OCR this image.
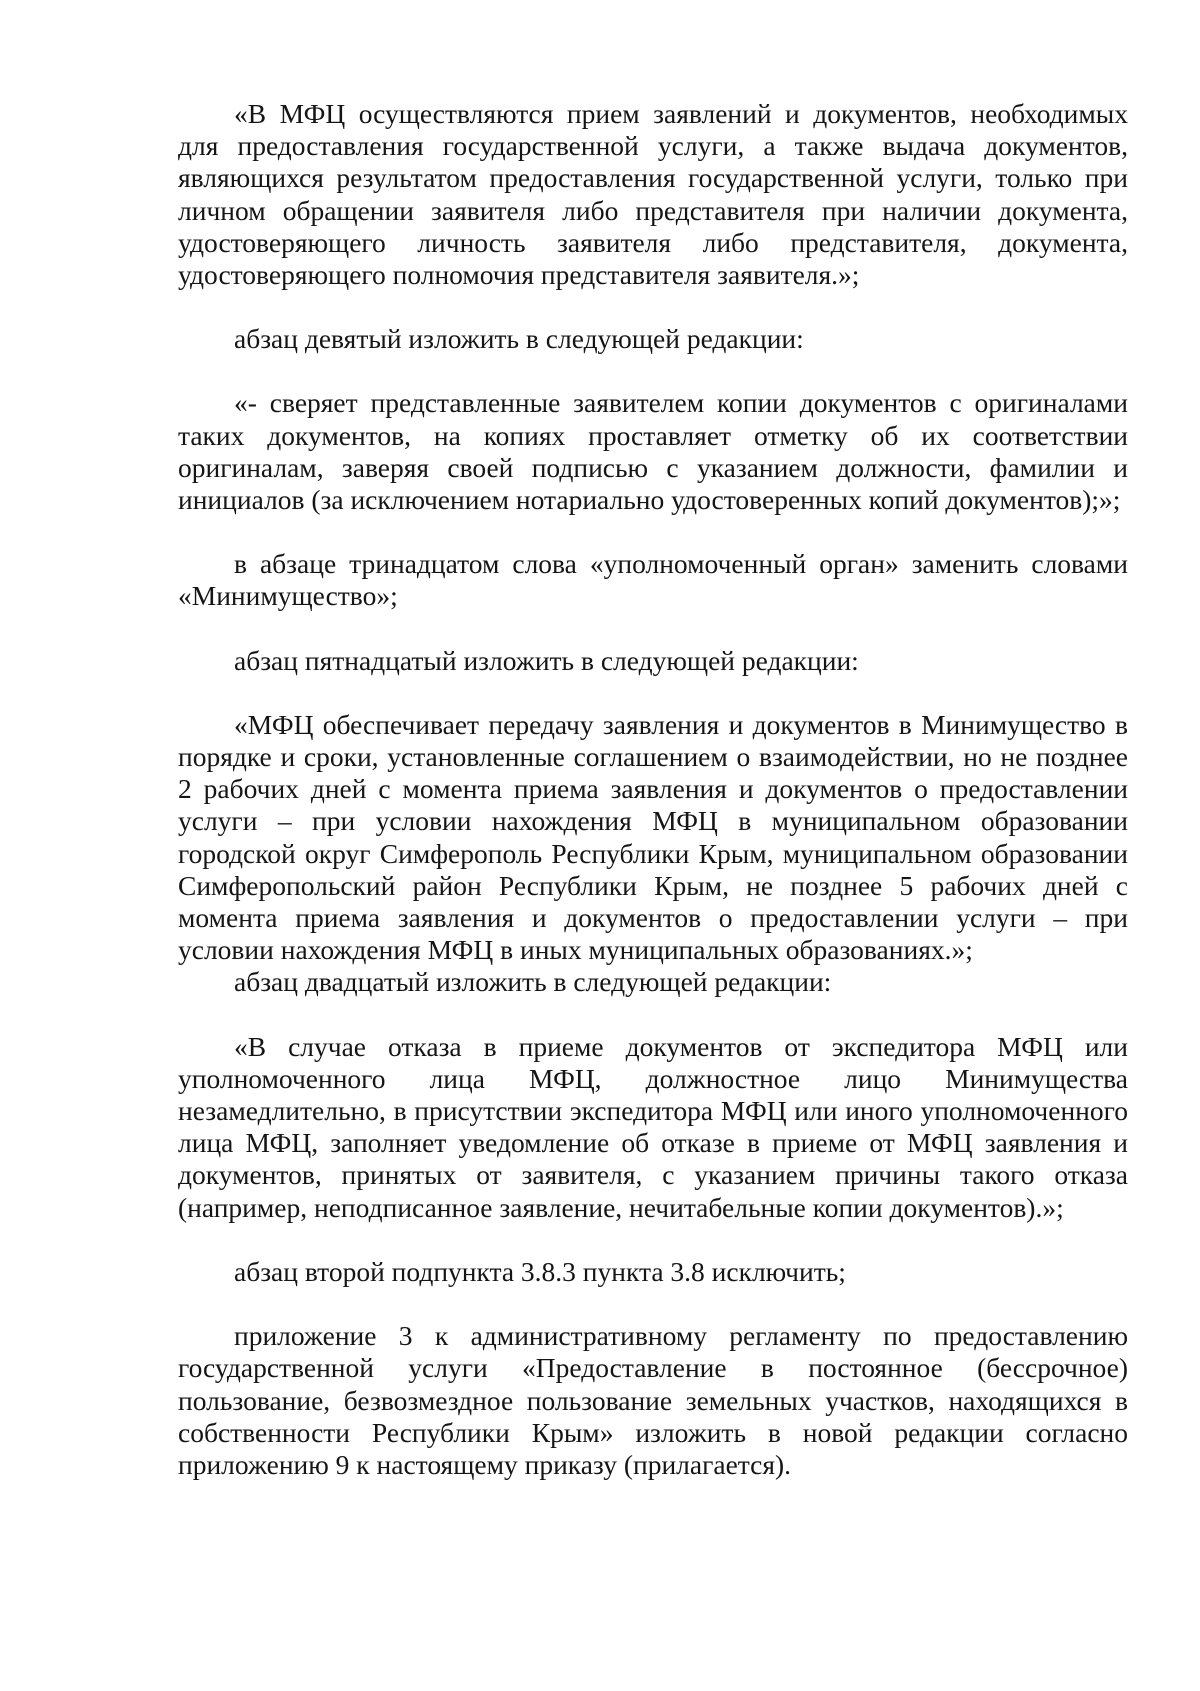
«В МФЦ осуществляются прием заявлений и документов, необходимых для предоставления государственной услуги, а также выдача документов, являющихся результатом предоставления государственной услуги, только при личном обращении заявителя либо представителя при наличии документа, удостоверяющего личность заявителя либо представителя, документа, удостоверяющего полномочия представителя заявителя.»;

абзац девятый изложить в следующей редакции:

«- сверяет представленные заявителем копии документов с оригиналами таких документов, на копиях проставляет отметку об их соответствии оригиналам, заверяя своей подписью с указанием должности, фамилии и инициалов (за исключением нотариально удостоверенных копий документов);»;

в абзаце тринадцатом слова «уполномоченный орган» заменить словами «Минимущество»;

абзац пятнадцатый изложить в следующей редакции:

«МФЦ обеспечивает передачу заявления и документов в Минимущество в порядке и сроки, установленные соглашением о взаимодействии, но не позднее 2 рабочих дней с момента приема заявления и документов о предоставлении услуги – при условии нахождения МФЦ в муниципальном образовании городской округ Симферополь Республики Крым, муниципальном образовании Симферопольский район Республики Крым, не позднее 5 рабочих дней с момента приема заявления и документов о предоставлении услуги – при условии нахождения МФЦ в иных муниципальных образованиях.»;

абзац двадцатый изложить в следующей редакции:

«В случае отказа в приеме документов от экспедитора МФЦ или уполномоченного лица МФЦ, должностное лицо Минимущества незамедлительно, в присутствии экспедитора МФЦ или иного уполномоченного лица МФЦ, заполняет уведомление об отказе в приеме от МФЦ заявления и документов, принятых от заявителя, с указанием причины такого отказа (например, неподписанное заявление, нечитабельные копии документов).»;

абзац второй подпункта 3.8.3 пункта 3.8 исключить;

приложение 3 к административному регламенту по предоставлению государственной услуги «Предоставление в постоянное (бессрочное) пользование, безвозмездное пользование земельных участков, находящихся в собственности Республики Крым» изложить в новой редакции согласно приложению 9 к настоящему приказу (прилагается).
